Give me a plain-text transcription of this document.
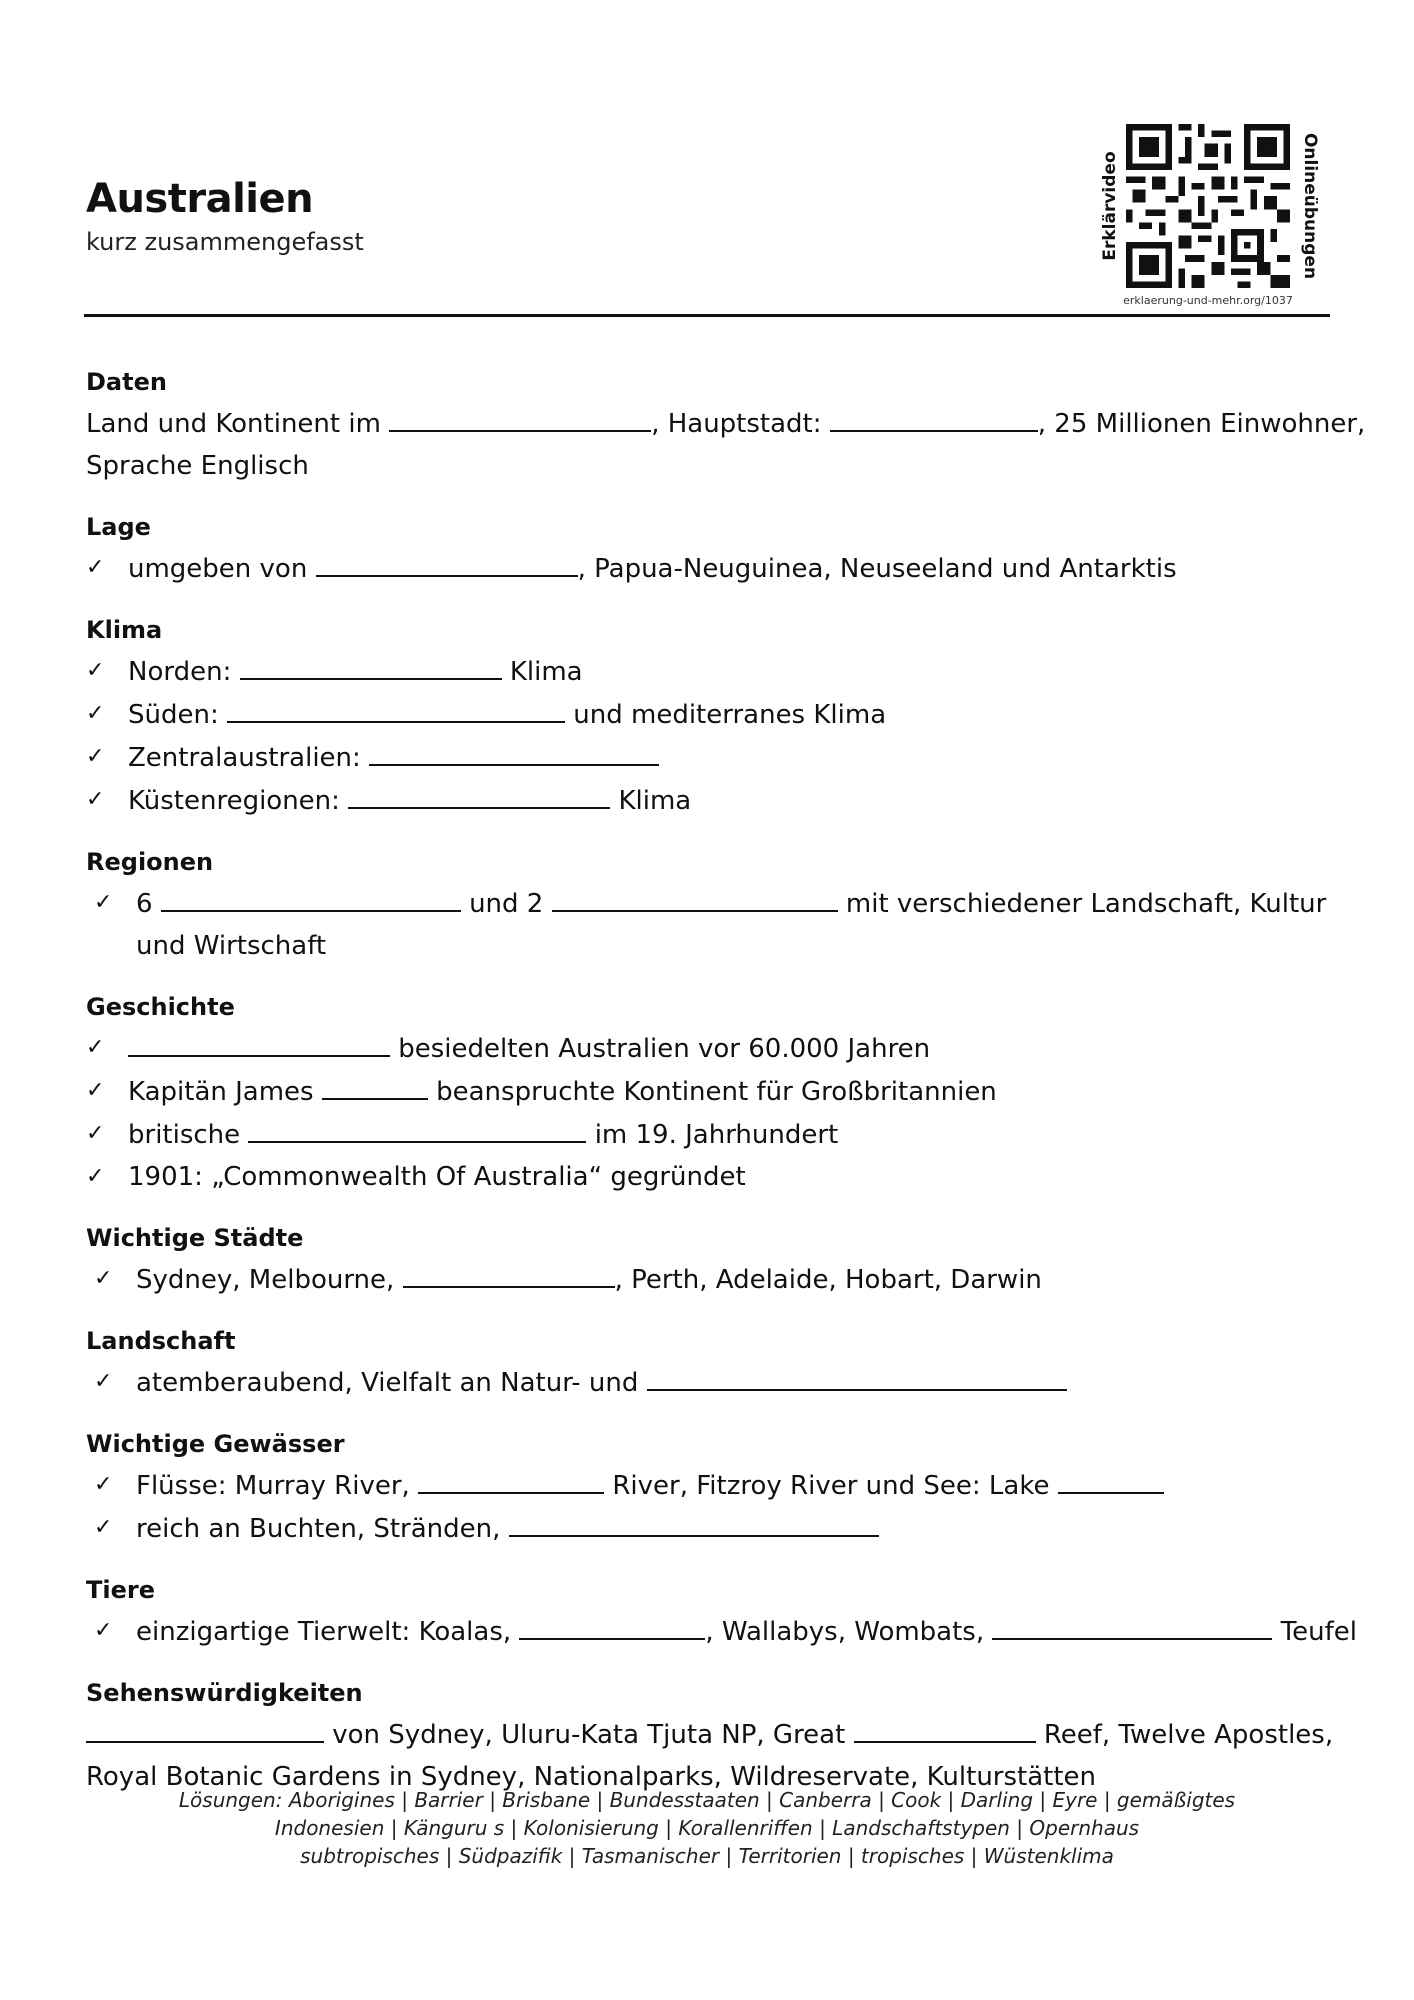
Australien
kurz zusammengefasst	Erklärvideo	Onlineübungen
erklaerung-und-mehr.org/1037
Daten
Land und Kontinent im	, Hauptstadt:	, 25 Millionen Einwohner,
Sprache Englisch
Lage
✓ umgeben von	, Papua-Neuguinea, Neuseeland und Antarktis
Klima
✓ Norden:	Klima
✓ Süden:	und mediterranes Klima
✓ Zentralaustralien:
✓ Küstenregionen:	Klima
Regionen
✓ 6	und 2	mit verschiedener Landschaft, Kultur
und Wirtschaft
Geschichte
✓	besiedelten Australien vor 60.000 Jahren
✓ Kapitän James	beanspruchte Kontinent für Großbritannien
✓ britische	im 19. Jahrhundert
✓ 1901: „Commonwealth Of Australia“ gegründet
Wichtige Städte
✓ Sydney, Melbourne,	, Perth, Adelaide, Hobart, Darwin
Landschaft
✓ atemberaubend, Vielfalt an Natur- und
Wichtige Gewässer
✓ Flüsse: Murray River,	River, Fitzroy River und See: Lake
✓ reich an Buchten, Stränden,
Tiere
✓ einzigartige Tierwelt: Koalas,	, Wallabys, Wombats,	Teufel
Sehenswürdigkeiten
von Sydney, Uluru-Kata Tjuta NP, Great	Reef, Twelve Apostles,
Royal Botanic Gardens in Sydney, Nationalparks, Wildreservate, Kulturstätten
Lösungen: Aborigines | Barrier | Brisbane | Bundesstaaten | Canberra | Cook | Darling | Eyre | gemäßigtes
Indonesien | Känguru s | Kolonisierung | Korallenriffen | Landschaftstypen | Opernhaus
subtropisches | Südpazifik | Tasmanischer | Territorien | tropisches | Wüstenklima
